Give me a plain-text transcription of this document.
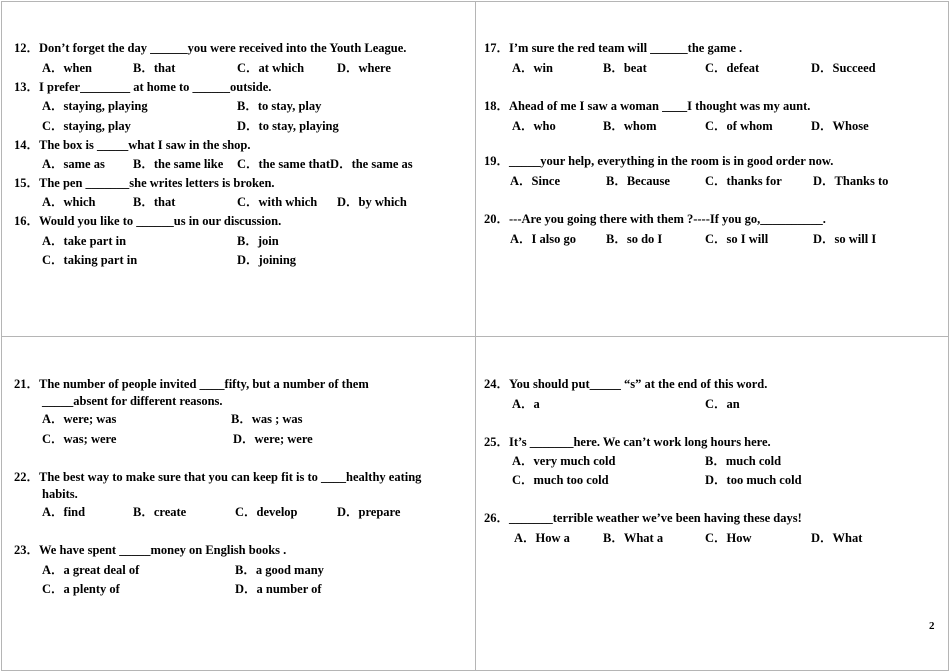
12．Don’t forget the day ______you were received into the Youth League.
A．when	B．that	C．at which	D．where
13．I prefer________ at home to ______outside.
A．staying, playing	B．to stay, play
C．staying, play	D．to stay, playing
14．The box is _____what I saw in the shop.
A．same as B．the same like C．the same thatD．the same as
15．The pen _______she writes letters is broken.
A．which	B．that	C．with which D．by which
16．Would you like to ______us in our discussion.
A．take part in	B．join
C．taking part in	D．joining
17．I’m sure the red team will ______the game .
A．win	B．beat	C．defeat	D．Succeed
18．Ahead of me I saw a woman ____I thought was my aunt.
A．who	B．whom	C．of whom	D．Whose
19．_____your help, everything in the room is in good order now.
A．Since	B．Because	C．thanks for	D．Thanks to
20．---Are you going there with them ?----If you go,__________.
A．I also go B．so do I	C．so I will	D．so will I
21．The number of people invited ____fifty, but a number of them
_____absent for different reasons.
A．were; was	B．was ; was
C．was; were	D．were; were
22．The best way to make sure that you can keep fit is to ____healthy eating
habits.
A．find	B．create	C．develop	D．prepare
23．We have spent _____money on English books .
A．a great deal of	B．a good many
C．a plenty of	D．a number of
24．You should put_____ “s” at the end of this word.
A．a	C．an
25．It’s _______here. We can’t work long hours here.
A．very much cold	B．much cold
C．much too cold	D．too much cold
26．_______terrible weather we’ve been having these days!
A．How a	B．What a	C．How	D．What
2
